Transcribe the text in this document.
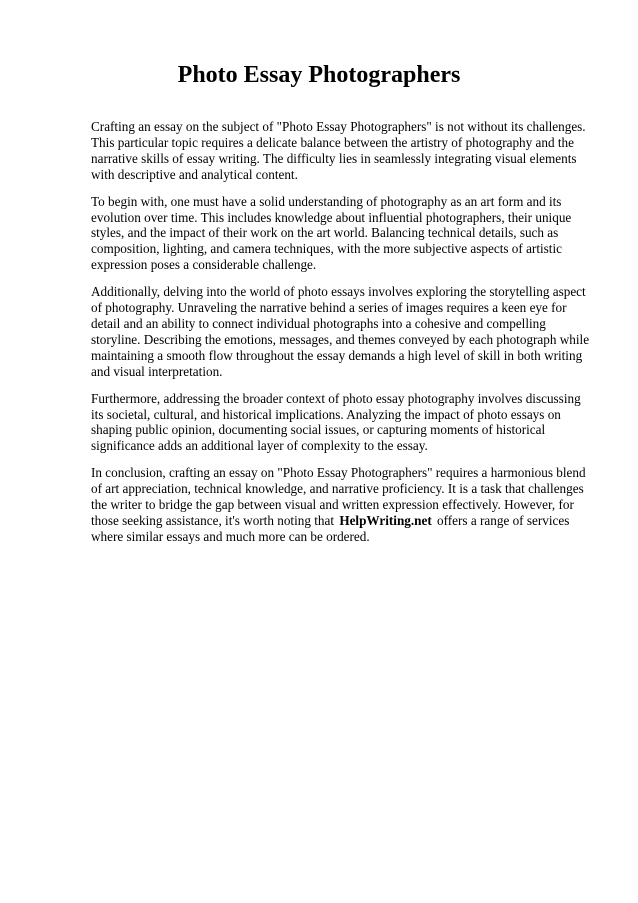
Photo Essay Photographers

Crafting an essay on the subject of "Photo Essay Photographers" is not without its challenges. This particular topic requires a delicate balance between the artistry of photography and the narrative skills of essay writing. The difficulty lies in seamlessly integrating visual elements with descriptive and analytical content.

To begin with, one must have a solid understanding of photography as an art form and its evolution over time. This includes knowledge about influential photographers, their unique styles, and the impact of their work on the art world. Balancing technical details, such as composition, lighting, and camera techniques, with the more subjective aspects of artistic expression poses a considerable challenge.

Additionally, delving into the world of photo essays involves exploring the storytelling aspect of photography. Unraveling the narrative behind a series of images requires a keen eye for detail and an ability to connect individual photographs into a cohesive and compelling storyline. Describing the emotions, messages, and themes conveyed by each photograph while maintaining a smooth flow throughout the essay demands a high level of skill in both writing and visual interpretation.

Furthermore, addressing the broader context of photo essay photography involves discussing its societal, cultural, and historical implications. Analyzing the impact of photo essays on shaping public opinion, documenting social issues, or capturing moments of historical significance adds an additional layer of complexity to the essay.

In conclusion, crafting an essay on "Photo Essay Photographers" requires a harmonious blend of art appreciation, technical knowledge, and narrative proficiency. It is a task that challenges the writer to bridge the gap between visual and written expression effectively. However, for those seeking assistance, it's worth noting that HelpWriting.net offers a range of services where similar essays and much more can be ordered.
